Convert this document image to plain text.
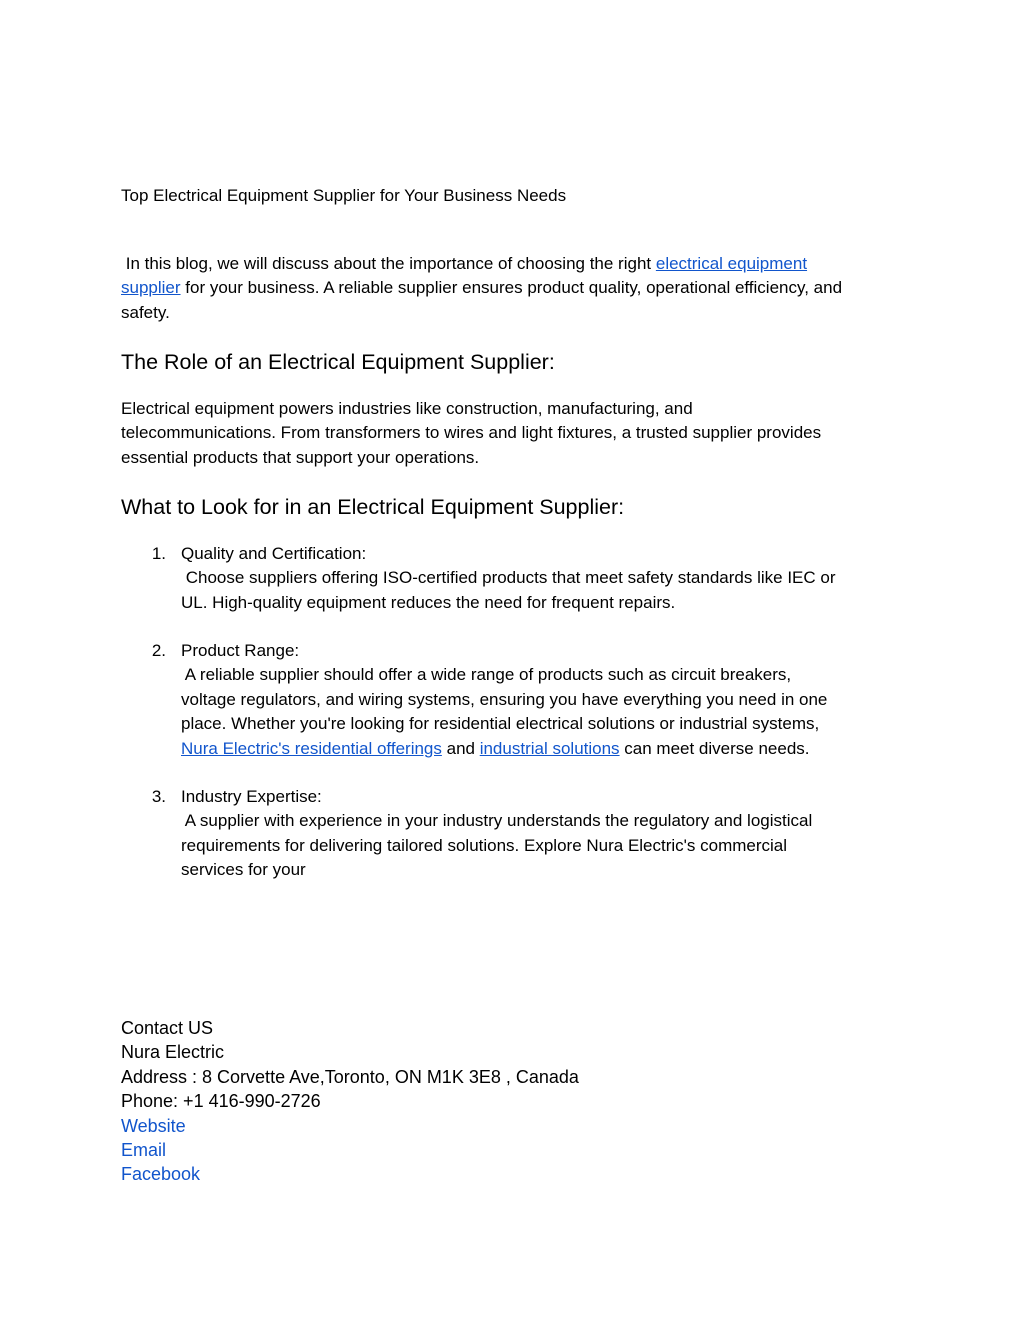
Top Electrical Equipment Supplier for Your Business Needs
In this blog, we will discuss about the importance of choosing the right electrical equipment
supplier for your business. A reliable supplier ensures product quality, operational efficiency, and
safety.
The Role of an Electrical Equipment Supplier:
Electrical equipment powers industries like construction, manufacturing, and
telecommunications. From transformers to wires and light fixtures, a trusted supplier provides
essential products that support your operations.
What to Look for in an Electrical Equipment Supplier:
1. Quality and Certification:
Choose suppliers offering ISO-certified products that meet safety standards like IEC or
UL. High-quality equipment reduces the need for frequent repairs.
2. Product Range:
A reliable supplier should offer a wide range of products such as circuit breakers,
voltage regulators, and wiring systems, ensuring you have everything you need in one
place. Whether you're looking for residential electrical solutions or industrial systems,
Nura Electric's residential offerings and industrial solutions can meet diverse needs.
3. Industry Expertise:
A supplier with experience in your industry understands the regulatory and logistical
requirements for delivering tailored solutions. Explore Nura Electric's commercial
services for your
Contact US
Nura Electric
Address : 8 Corvette Ave,Toronto, ON M1K 3E8 , Canada
Phone: +1 416-990-2726
Website
Email
Facebook
